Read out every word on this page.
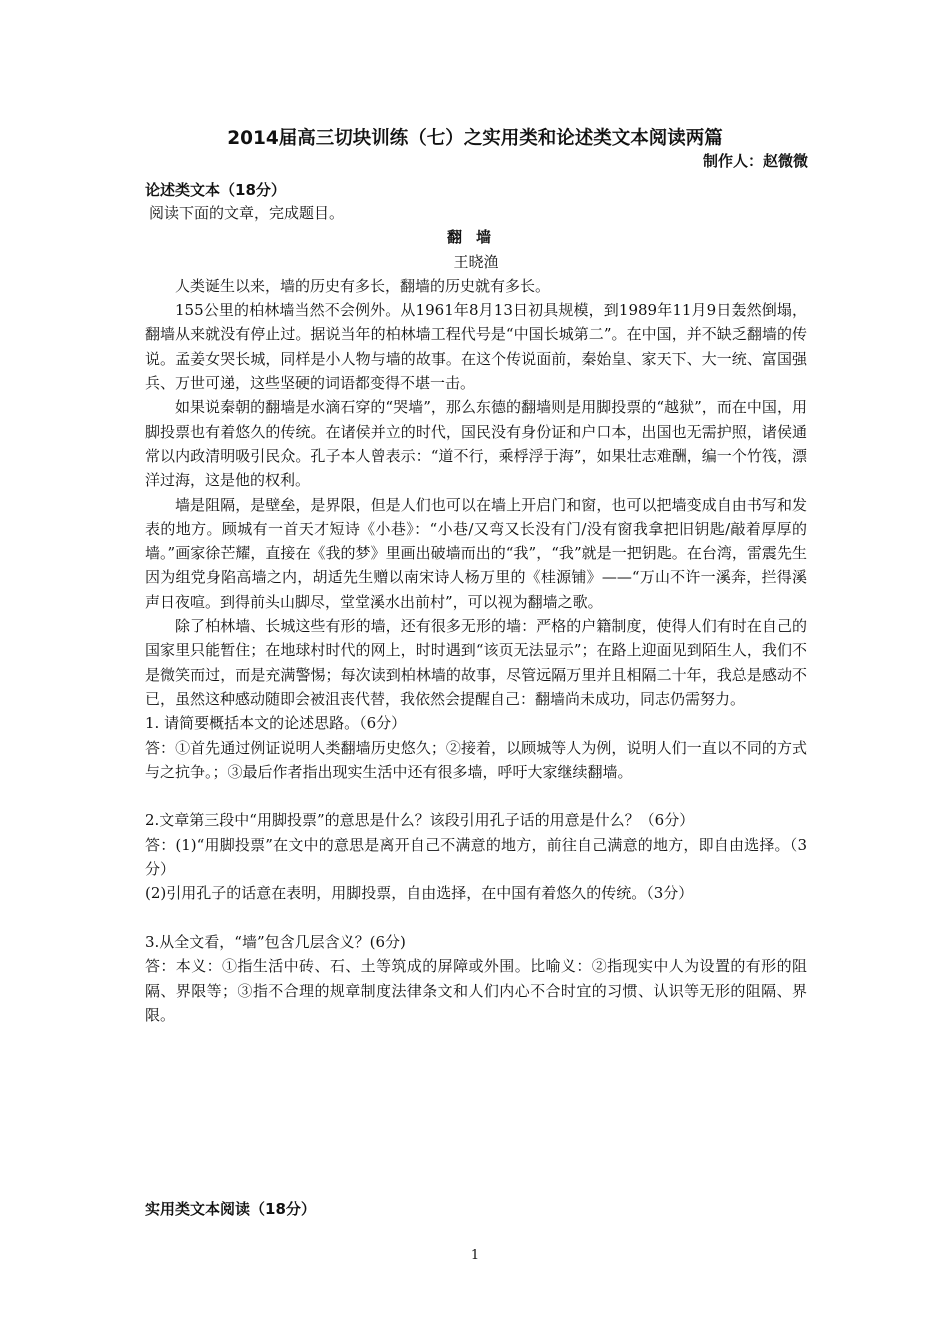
2014届高三切块训练（七）之实用类和论述类文本阅读两篇
制作人：赵微微
论述类文本（18分）

阅读下面的文章，完成题目。

翻墙

王晓渔

人类诞生以来，墙的历史有多长，翻墙的历史就有多长。

155公里的柏林墙当然不会例外。从1961年8月13日初具规模，到1989年11月9日轰然倒塌，翻墙从来就没有停止过。据说当年的柏林墙工程代号是“中国长城第二”。在中国，并不缺乏翻墙的传说。孟姜女哭长城，同样是小人物与墙的故事。在这个传说面前，秦始皇、家天下、大一统、富国强兵、万世可递，这些坚硬的词语都变得不堪一击。

如果说秦朝的翻墙是水滴石穿的“哭墙”，那么东德的翻墙则是用脚投票的“越狱”，而在中国，用脚投票也有着悠久的传统。在诸侯并立的时代，国民没有身份证和户口本，出国也无需护照，诸侯通常以内政清明吸引民众。孔子本人曾表示：“道不行，乘桴浮于海”，如果壮志难酬，编一个竹筏，漂洋过海，这是他的权利。

墙是阻隔，是壁垒，是界限，但是人们也可以在墙上开启门和窗，也可以把墙变成自由书写和发表的地方。顾城有一首天才短诗《小巷》：“小巷/又弯又长没有门/没有窗我拿把旧钥匙/敲着厚厚的墙。”画家徐芒耀，直接在《我的梦》里画出破墙而出的“我”，“我”就是一把钥匙。在台湾，雷震先生因为组党身陷高墙之内，胡适先生赠以南宋诗人杨万里的《桂源铺》——“万山不许一溪奔，拦得溪声日夜喧。到得前头山脚尽，堂堂溪水出前村”，可以视为翻墙之歌。

除了柏林墙、长城这些有形的墙，还有很多无形的墙：严格的户籍制度，使得人们有时在自己的国家里只能暂住；在地球村时代的网上，时时遇到“该页无法显示”；在路上迎面见到陌生人，我们不是微笑而过，而是充满警惕；每次读到柏林墙的故事，尽管远隔万里并且相隔二十年，我总是感动不已，虽然这种感动随即会被沮丧代替，我依然会提醒自己：翻墙尚未成功，同志仍需努力。

1. 请简要概括本文的论述思路。（6分）

答：①首先通过例证说明人类翻墙历史悠久；②接着，以顾城等人为例，说明人们一直以不同的方式与之抗争。；③最后作者指出现实生活中还有很多墙，呼吁大家继续翻墙。

2.文章第三段中“用脚投票”的意思是什么？该段引用孔子话的用意是什么？（6分）

答：(1)“用脚投票”在文中的意思是离开自己不满意的地方，前往自己满意的地方，即自由选择。（3分）

(2)引用孔子的话意在表明，用脚投票，自由选择，在中国有着悠久的传统。（3分）

3.从全文看，“墙”包含几层含义？(6分)

答：本义：①指生活中砖、石、土等筑成的屏障或外围。比喻义：②指现实中人为设置的有形的阻隔、界限等；③指不合理的规章制度法律条文和人们内心不合时宜的习惯、认识等无形的阻隔、界限。

实用类文本阅读（18分）
1
